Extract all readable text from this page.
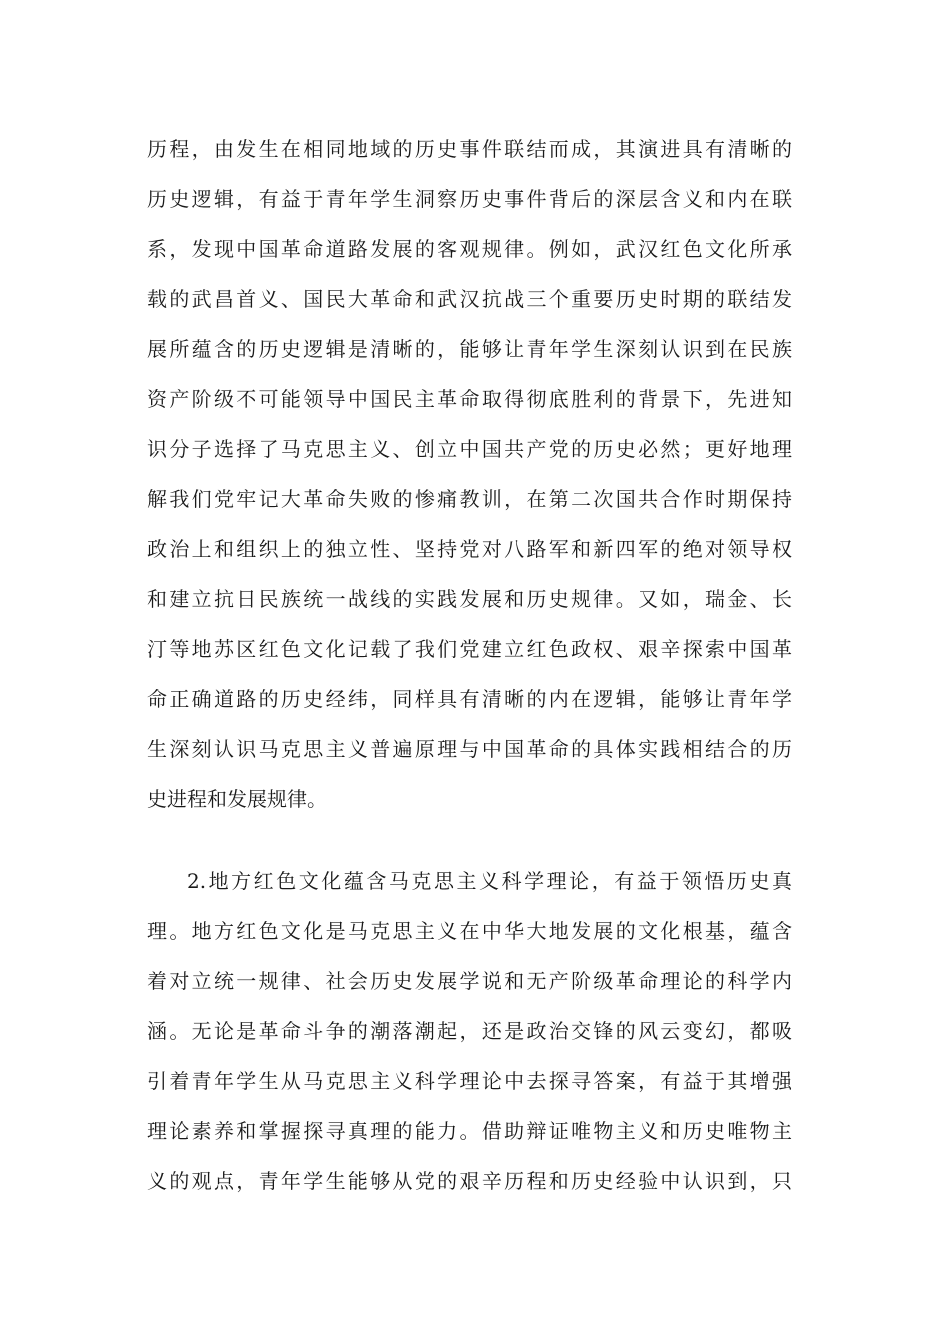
历程，由发生在相同地域的历史事件联结而成，其演进具有清晰的
历史逻辑，有益于青年学生洞察历史事件背后的深层含义和内在联
系，发现中国革命道路发展的客观规律。例如，武汉红色文化所承
载的武昌首义、国民大革命和武汉抗战三个重要历史时期的联结发
展所蕴含的历史逻辑是清晰的，能够让青年学生深刻认识到在民族
资产阶级不可能领导中国民主革命取得彻底胜利的背景下，先进知
识分子选择了马克思主义、创立中国共产党的历史必然；更好地理
解我们党牢记大革命失败的惨痛教训，在第二次国共合作时期保持
政治上和组织上的独立性、坚持党对八路军和新四军的绝对领导权
和建立抗日民族统一战线的实践发展和历史规律。又如，瑞金、长
汀等地苏区红色文化记载了我们党建立红色政权、艰辛探索中国革
命正确道路的历史经纬，同样具有清晰的内在逻辑，能够让青年学
生深刻认识马克思主义普遍原理与中国革命的具体实践相结合的历
史进程和发展规律。
2.地方红色文化蕴含马克思主义科学理论，有益于领悟历史真
理。地方红色文化是马克思主义在中华大地发展的文化根基，蕴含
着对立统一规律、社会历史发展学说和无产阶级革命理论的科学内
涵。无论是革命斗争的潮落潮起，还是政治交锋的风云变幻，都吸
引着青年学生从马克思主义科学理论中去探寻答案，有益于其增强
理论素养和掌握探寻真理的能力。借助辩证唯物主义和历史唯物主
义的观点，青年学生能够从党的艰辛历程和历史经验中认识到，只
